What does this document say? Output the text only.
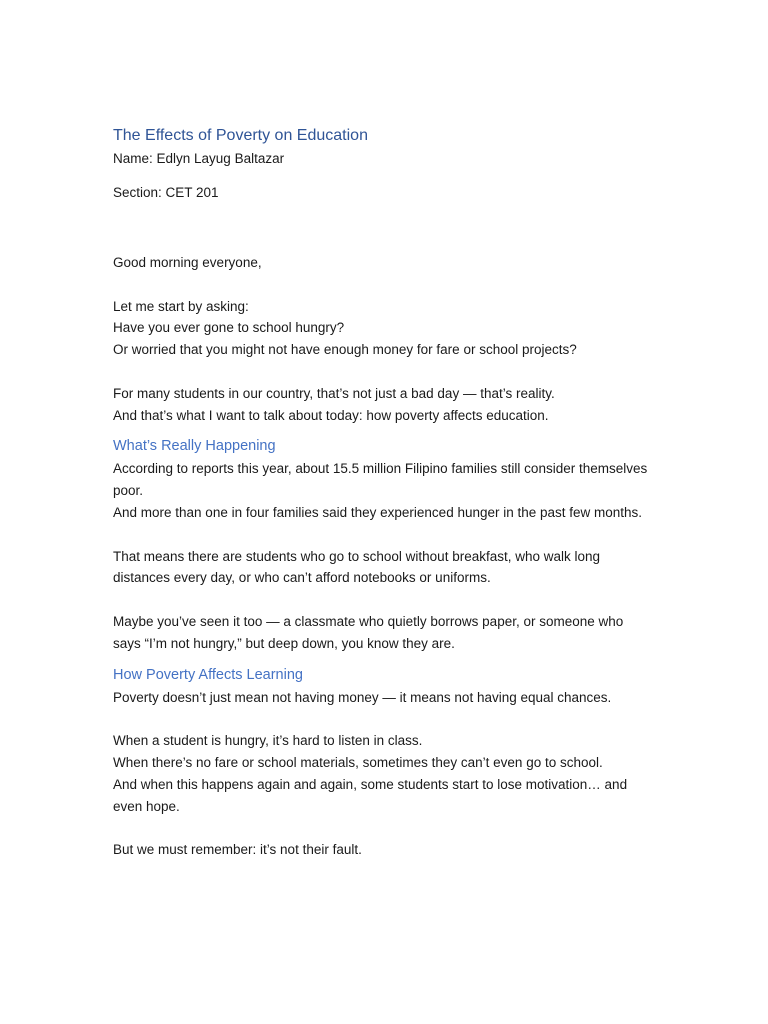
The Effects of Poverty on Education

Name: Edlyn Layug Baltazar

Section: CET 201

Good morning everyone,

Let me start by asking:

Have you ever gone to school hungry?

Or worried that you might not have enough money for fare or school projects?

For many students in our country, that’s not just a bad day — that’s reality.

And that’s what I want to talk about today: how poverty affects education.

What’s Really Happening

According to reports this year, about 15.5 million Filipino families still consider themselves poor.

And more than one in four families said they experienced hunger in the past few months.

That means there are students who go to school without breakfast, who walk long distances every day, or who can’t afford notebooks or uniforms.

Maybe you’ve seen it too — a classmate who quietly borrows paper, or someone who says “I’m not hungry,” but deep down, you know they are.

How Poverty Affects Learning

Poverty doesn’t just mean not having money — it means not having equal chances.

When a student is hungry, it’s hard to listen in class.

When there’s no fare or school materials, sometimes they can’t even go to school.

And when this happens again and again, some students start to lose motivation… and even hope.

But we must remember: it’s not their fault.
